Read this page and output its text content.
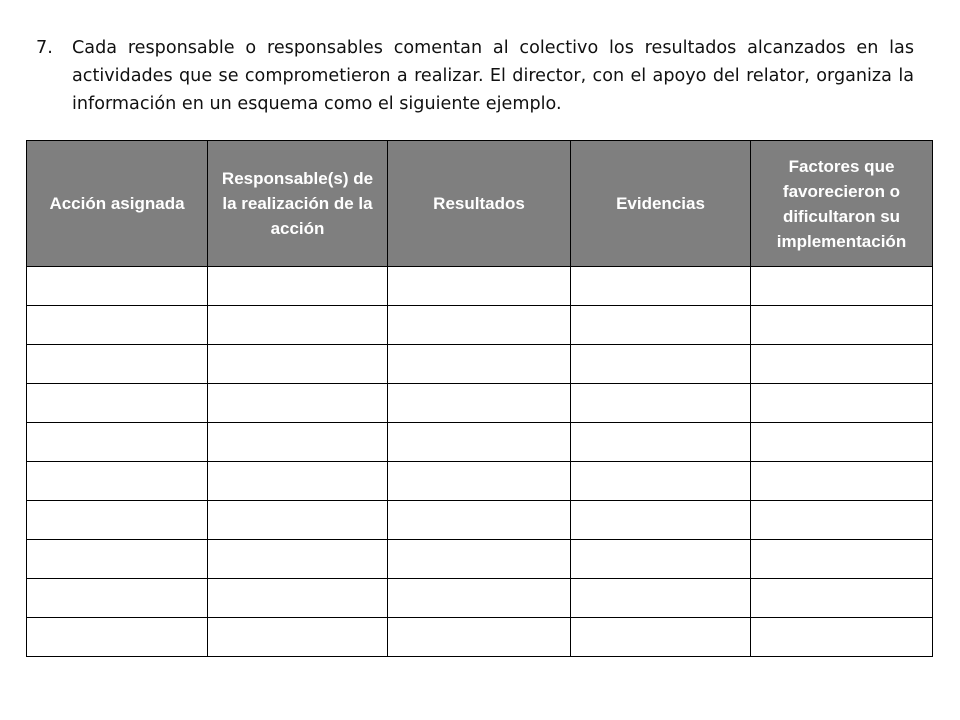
7.	Cada responsable o responsables comentan al colectivo los resultados alcanzados en las actividades que se comprometieron a realizar. El director, con el apoyo del relator, organiza la información en un esquema como el siguiente ejemplo.
Acción asignada	Responsable(s) de la realización de la acción	Resultados	Evidencias	Factores que favorecieron o dificultaron su implementación
